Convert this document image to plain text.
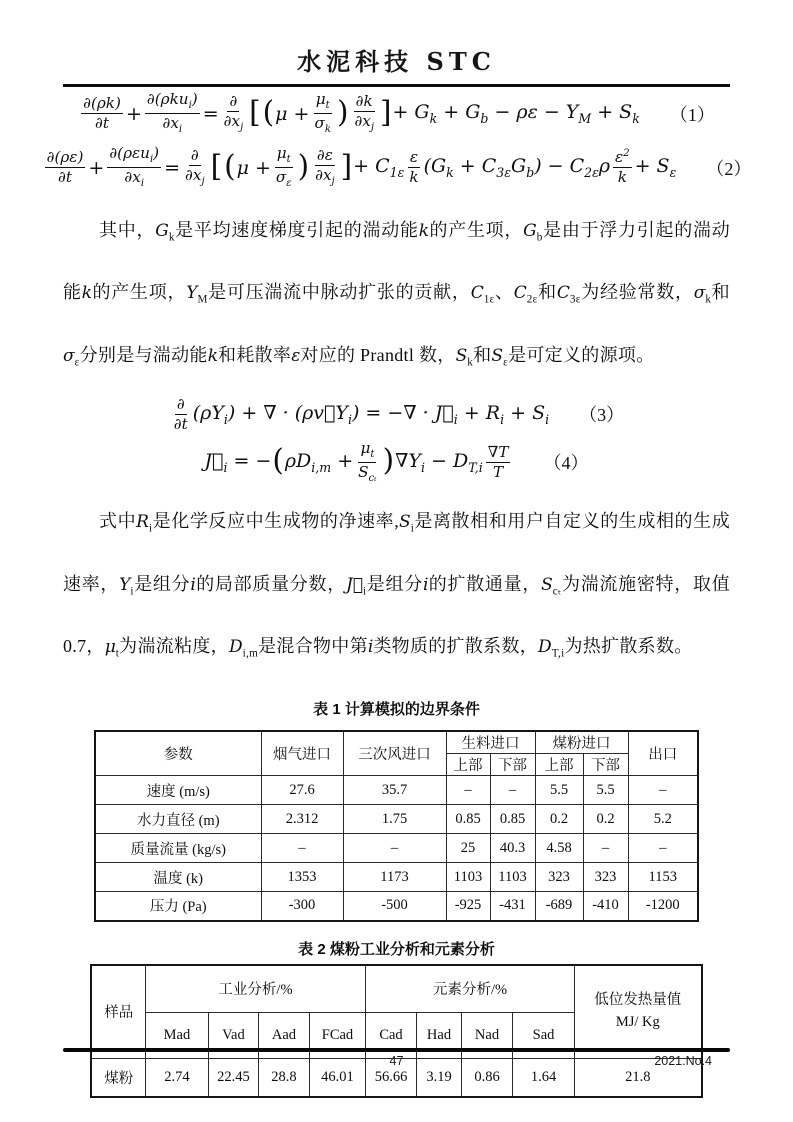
水泥科技 STC
$\frac{\partial(\rho k)}{\partial t} + \frac{\partial(\rho ku_i)}{\partial x_i} = \frac{\partial}{\partial x_j}$ [ ( $\mu + \frac{\mu_t}{\sigma_k}$ ) $\frac{\partial k}{\partial x_j}$ ] + $G_k + G_b - \rho\varepsilon - Y_M + S_k$ （1）
$\frac{\partial(\rho\varepsilon)}{\partial t} + \frac{\partial(\rho\varepsilon u_i)}{\partial x_i} = \frac{\partial}{\partial x_j}$ [ ( $\mu + \frac{\mu_t}{\sigma_\varepsilon}$ ) $\frac{\partial\varepsilon}{\partial x_j}$ ] + $C_{1\varepsilon} \frac{\varepsilon}{k} (G_k + C_{3\varepsilon}G_b) - C_{2\varepsilon}\rho \frac{\varepsilon^2}{k} + S_\varepsilon$ （2）

其中，$G_k$是平均速度梯度引起的湍动能k的产生项，$G_b$是由于浮力引起的湍动能k的产生项，$Y_M$是可压湍流中脉动扩张的贡献，$C_{1\varepsilon}$、$C_{2\varepsilon}$和$C_{3\varepsilon}$为经验常数，$\sigma_k$和$\sigma_\varepsilon$分别是与湍动能k和耗散率ε对应的 Prandtl 数，$S_k$和$S_\varepsilon$是可定义的源项。

$\frac{\partial}{\partial t} (\rho Y_i)$ + ∇ · $(\rho v⃗Y_i)$ = −∇ · $J⃗_i + R_i + S_i$ （3）
$J⃗_i$ = − ( $\rho D_{i,m} + \frac{\mu_t}{S_{c_t}}$ ) $\nabla Y_i - D_{T,i} \frac{\nabla T}{T} (4)$

式中$R_i$是化学反应中生成物的净速率$,S_i$是离散相和用户自定义的生成相的生成速率，$Y_i$是组分i的局部质量分数，$J⃗_i$是组分i的扩散通量，$S_{c_t}$为湍流施密特，取值 0.7，$\mu_t$为湍流粘度，$D_{i,m}$是混合物中第i类物质的扩散系数，$D_{T,i}$为热扩散系数。

表 1 计算模拟的边界条件
参数	烟气进口	三次风进口	生料进口		煤粉进口		出口
			上部	下部	上部	下部	
速度 (m/s)	27.6	35.7	–	–	5.5	5.5	–
水力直径 (m)	2.312	1.75	0.85	0.85	0.2	0.2	5.2
质量流量 (kg/s)	–	–	25	40.3	4.58	–	–
温度 (k)	1353	1173	1103	1103	323	323	1153
压力 (Pa)	-300	-500	-925	-431	-689	-410	-1200
表 2 煤粉工业分析和元素分析
样品	工业分析/%				元素分析/%				低位发热量值
MJ/ Kg

	Mad	Vad	Aad	FCad	Cad	Had	Nad	Sad	
煤粉	2.74	22.45	28.8	46.01	56.66	3.19	0.86	1.64	21.8
47	2021.No.4
